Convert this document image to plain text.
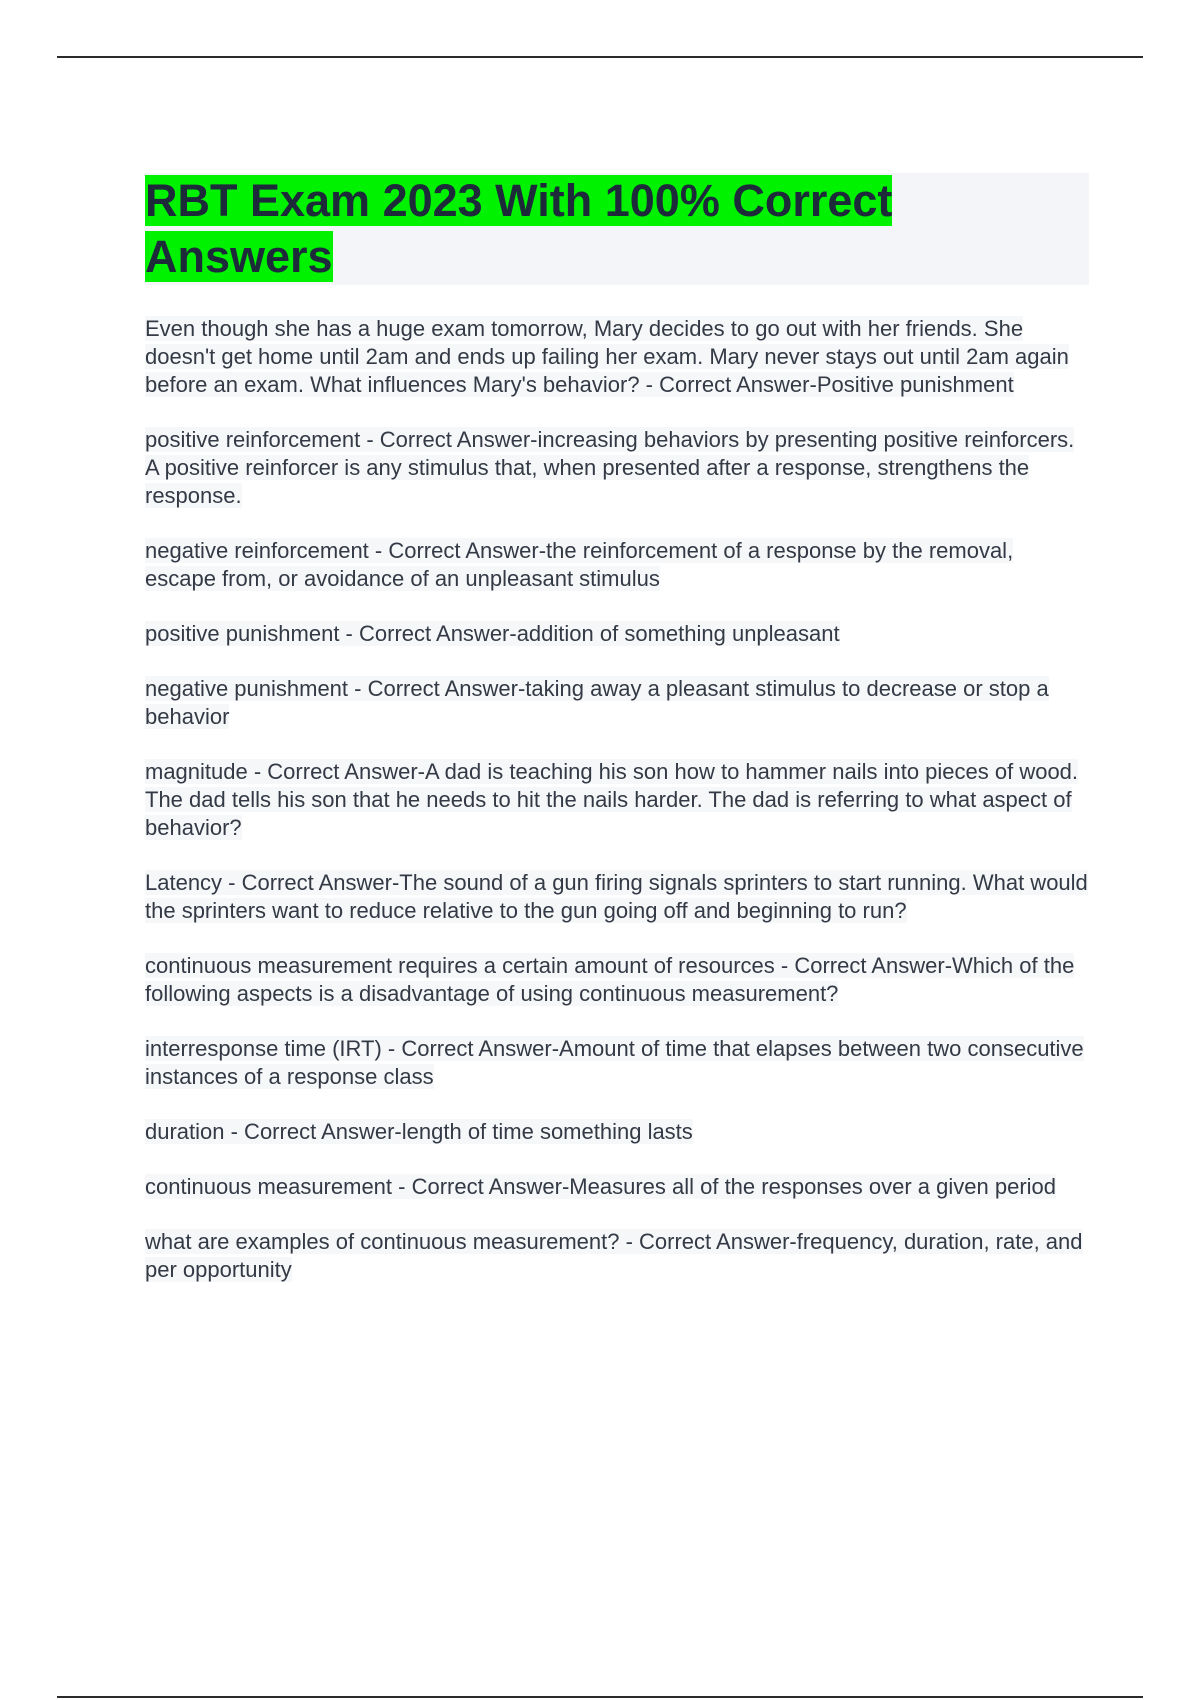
RBT Exam 2023 With 100% Correct Answers

Even though she has a huge exam tomorrow, Mary decides to go out with her friends. She doesn't get home until 2am and ends up failing her exam. Mary never stays out until 2am again before an exam. What influences Mary's behavior? - Correct Answer-Positive punishment

positive reinforcement - Correct Answer-increasing behaviors by presenting positive reinforcers. A positive reinforcer is any stimulus that, when presented after a response, strengthens the response.

negative reinforcement - Correct Answer-the reinforcement of a response by the removal, escape from, or avoidance of an unpleasant stimulus

positive punishment - Correct Answer-addition of something unpleasant

negative punishment - Correct Answer-taking away a pleasant stimulus to decrease or stop a behavior

magnitude - Correct Answer-A dad is teaching his son how to hammer nails into pieces of wood. The dad tells his son that he needs to hit the nails harder. The dad is referring to what aspect of behavior?

Latency - Correct Answer-The sound of a gun firing signals sprinters to start running. What would the sprinters want to reduce relative to the gun going off and beginning to run?

continuous measurement requires a certain amount of resources - Correct Answer-Which of the following aspects is a disadvantage of using continuous measurement?

interresponse time (IRT) - Correct Answer-Amount of time that elapses between two consecutive instances of a response class

duration - Correct Answer-length of time something lasts

continuous measurement - Correct Answer-Measures all of the responses over a given period

what are examples of continuous measurement? - Correct Answer-frequency, duration, rate, and per opportunity
